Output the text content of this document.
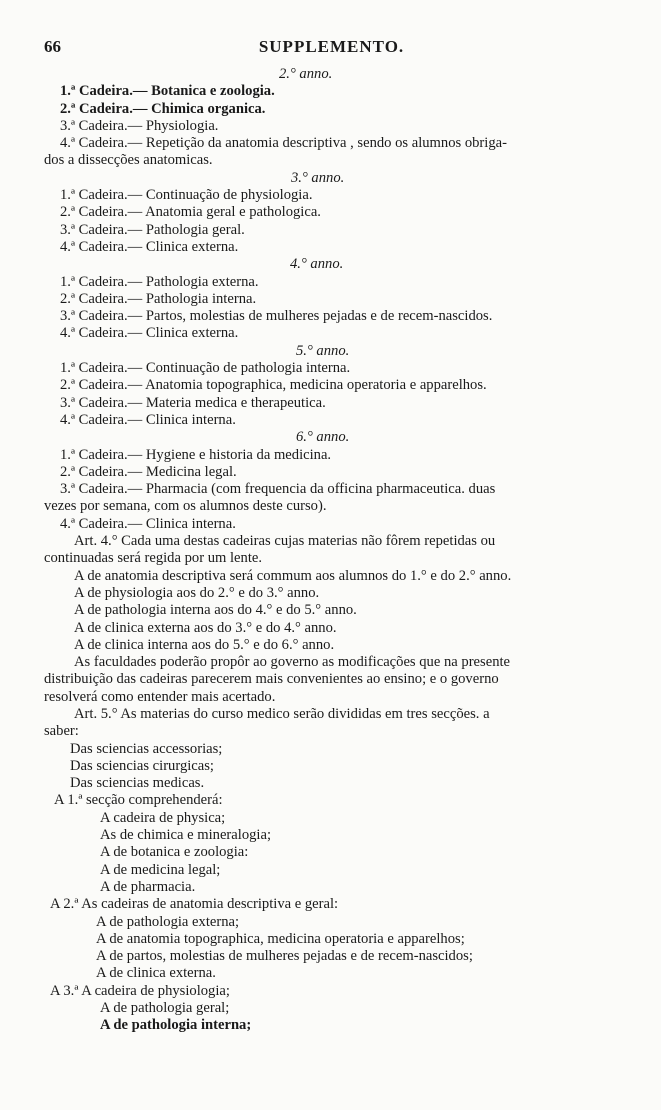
66	SUPPLEMENTO.
2.° anno.
1.ª Cadeira.— Botanica e zoologia.
2.ª Cadeira.— Chimica organica.
3.ª Cadeira.— Physiologia.
4.ª Cadeira.— Repetição da anatomia descriptiva , sendo os alumnos obriga-
dos a dissecções anatomicas.
3.° anno.
1.ª Cadeira.— Continuação de physiologia.
2.ª Cadeira.— Anatomia geral e pathologica.
3.ª Cadeira.— Pathologia geral.
4.ª Cadeira.— Clinica externa.
4.° anno.
1.ª Cadeira.— Pathologia externa.
2.ª Cadeira.— Pathologia interna.
3.ª Cadeira.— Partos, molestias de mulheres pejadas e de recem-nascidos.
4.ª Cadeira.— Clinica externa.
5.° anno.
1.ª Cadeira.— Continuação de pathologia interna.
2.ª Cadeira.— Anatomia topographica, medicina operatoria e apparelhos.
3.ª Cadeira.— Materia medica e therapeutica.
4.ª Cadeira.— Clinica interna.
6.° anno.
1.ª Cadeira.— Hygiene e historia da medicina.
2.ª Cadeira.— Medicina legal.
3.ª Cadeira.— Pharmacia (com frequencia da officina pharmaceutica. duas
vezes por semana, com os alumnos deste curso).
4.ª Cadeira.— Clinica interna.
Art. 4.° Cada uma destas cadeiras cujas materias não fôrem repetidas ou
continuadas será regida por um lente.
A de anatomia descriptiva será commum aos alumnos do 1.° e do 2.° anno.
A de physiologia aos do 2.° e do 3.° anno.
A de pathologia interna aos do 4.° e do 5.° anno.
A de clinica externa aos do 3.° e do 4.° anno.
A de clinica interna aos do 5.° e do 6.° anno.
As faculdades poderão propôr ao governo as modificações que na presente
distribuição das cadeiras parecerem mais convenientes ao ensino; e o governo
resolverá como entender mais acertado.
Art. 5.° As materias do curso medico serão divididas em tres secções. a
saber:
Das sciencias accessorias;
Das sciencias cirurgicas;
Das sciencias medicas.
A 1.ª secção comprehenderá:
A cadeira de physica;
As de chimica e mineralogia;
A de botanica e zoologia:
A de medicina legal;
A de pharmacia.
A 2.ª As cadeiras de anatomia descriptiva e geral:
A de pathologia externa;
A de anatomia topographica, medicina operatoria e apparelhos;
A de partos, molestias de mulheres pejadas e de recem-nascidos;
A de clinica externa.
A 3.ª A cadeira de physiologia;
A de pathologia geral;
A de pathologia interna;
